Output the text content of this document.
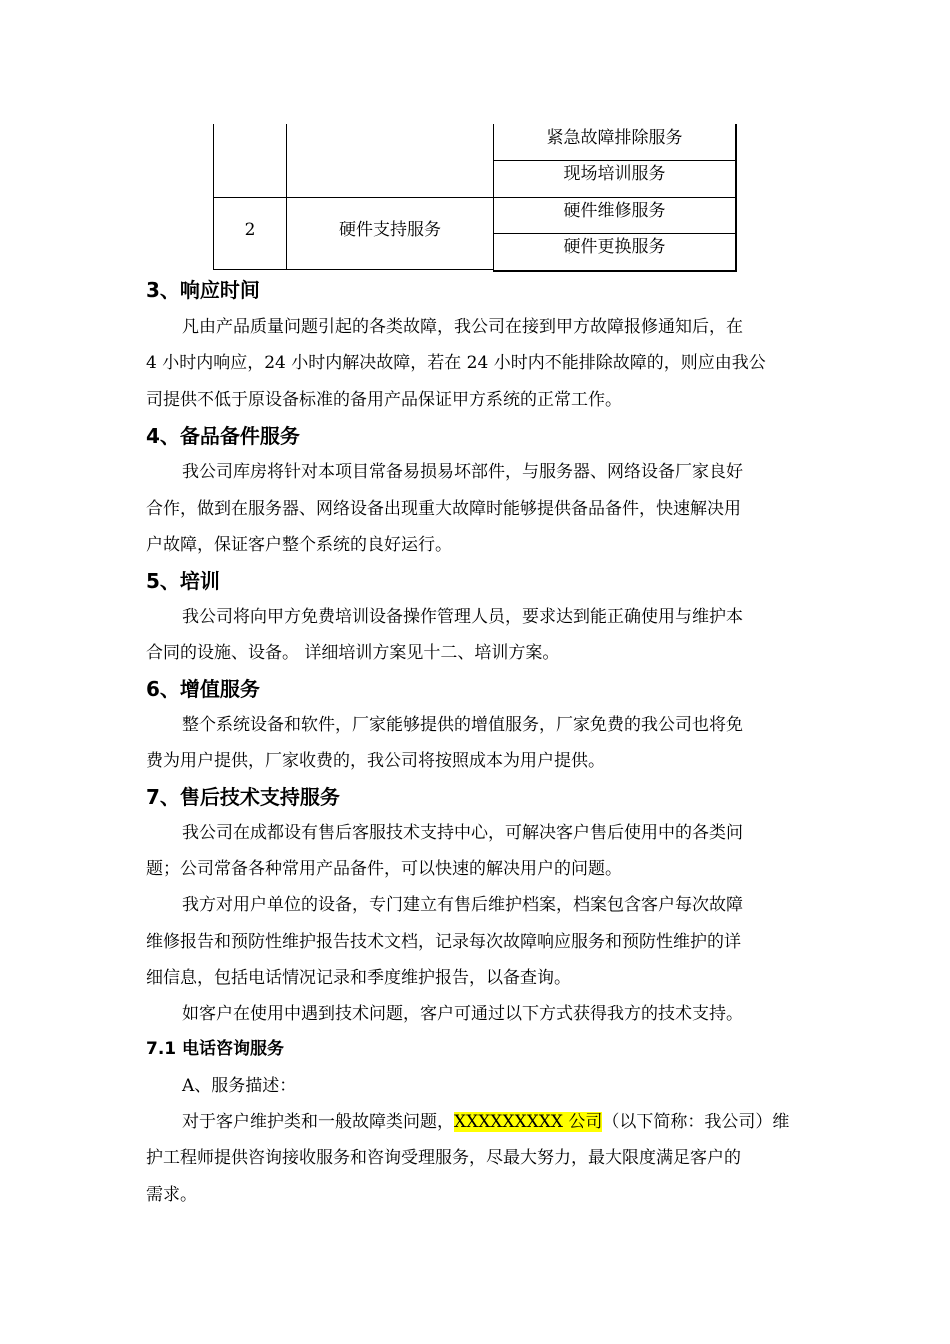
紧急故障排除服务
现场培训服务
硬件维修服务
硬件更换服务
2	硬件支持服务
3、响应时间
凡由产品质量问题引起的各类故障，我公司在接到甲方故障报修通知后，在
4 小时内响应，24 小时内解决故障，若在 24 小时内不能排除故障的，则应由我公
司提供不低于原设备标准的备用产品保证甲方系统的正常工作。
4、备品备件服务
我公司库房将针对本项目常备易损易坏部件，与服务器、网络设备厂家良好
合作，做到在服务器、网络设备出现重大故障时能够提供备品备件，快速解决用
户故障，保证客户整个系统的良好运行。
5、培训
我公司将向甲方免费培训设备操作管理人员，要求达到能正确使用与维护本
合同的设施、设备。 详细培训方案见十二、培训方案。
6、增值服务
整个系统设备和软件，厂家能够提供的增值服务，厂家免费的我公司也将免
费为用户提供，厂家收费的，我公司将按照成本为用户提供。
7、售后技术支持服务
我公司在成都设有售后客服技术支持中心，可解决客户售后使用中的各类问
题；公司常备各种常用产品备件，可以快速的解决用户的问题。
我方对用户单位的设备，专门建立有售后维护档案，档案包含客户每次故障
维修报告和预防性维护报告技术文档，记录每次故障响应服务和预防性维护的详
细信息，包括电话情况记录和季度维护报告，以备查询。
如客户在使用中遇到技术问题，客户可通过以下方式获得我方的技术支持。
7.1 电话咨询服务
A、服务描述：
对于客户维护类和一般故障类问题，XXXXXXXXX 公司（以下简称：我公司）维
护工程师提供咨询接收服务和咨询受理服务，尽最大努力，最大限度满足客户的
需求。
